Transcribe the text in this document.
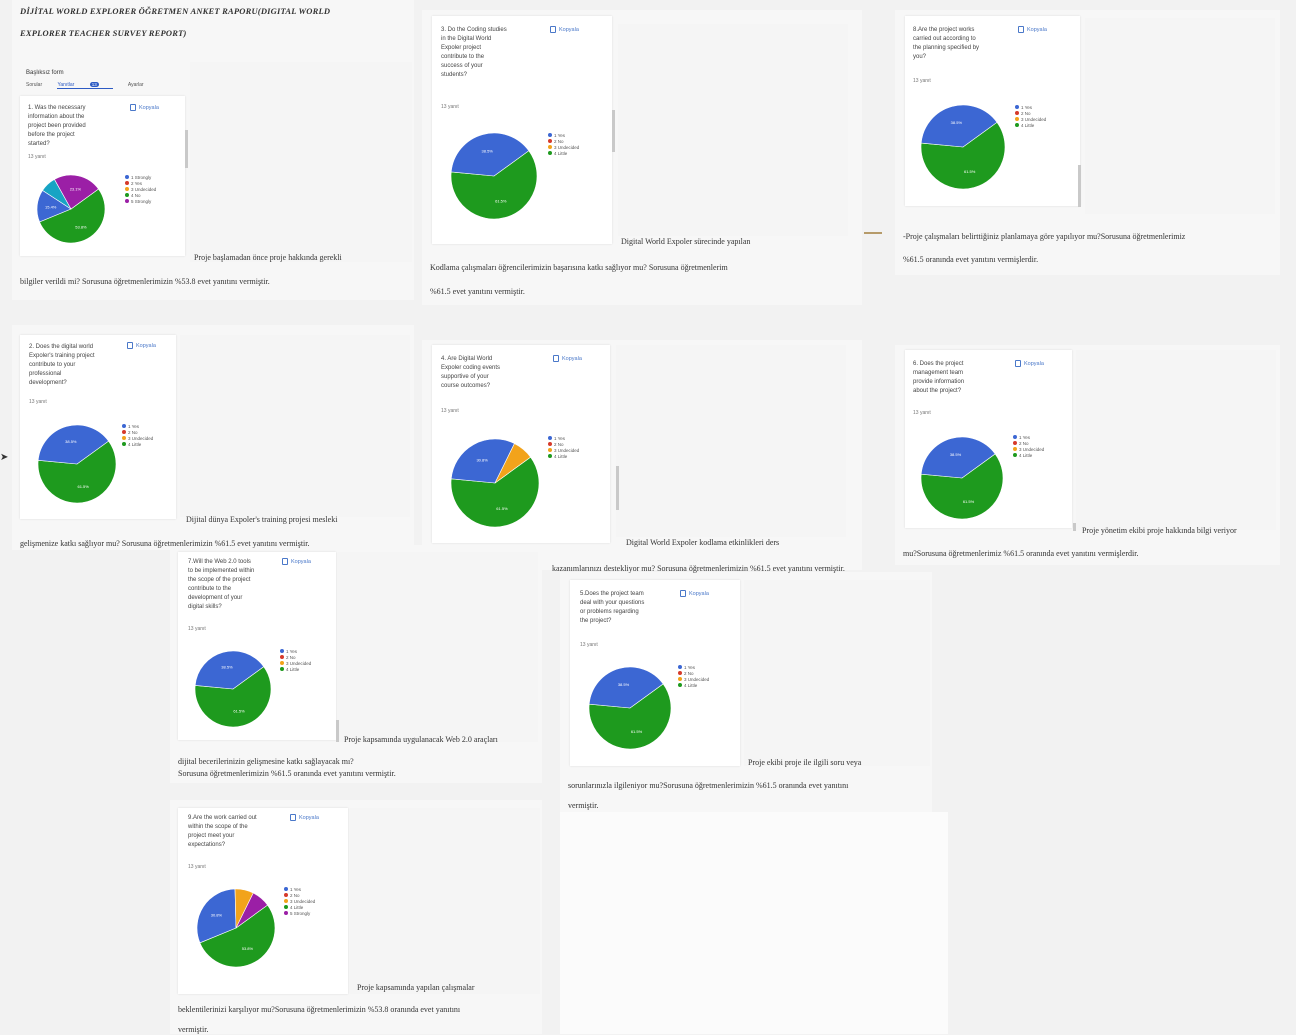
➤
DİJİTAL WORLD EXPLORER ÖĞRETMEN ANKET RAPORU(DIGITAL WORLD
EXPLORER TEACHER SURVEY REPORT)
Başlıksız form
Sorular	Yanıtlar	13	Ayarlar
1. Was the necessary
information about the
project been provided
before the project
started?
Kopyala
13 yanıt
53.8%
15.4%
23.1%
1 Strongly
2 Yes
3 Undecided
4 No
5 Strongly
Proje başlamadan önce proje hakkında gerekli
bilgiler verildi mi? Sorusuna öğretmenlerimizin %53.8 evet yanıtını vermiştir.
3. Do the Coding studies
in the Digital World
Expoler project
contribute to the
success of your
students?
Kopyala
13 yanıt
61.5%
38.5%
1 Yes
2 No
3 Undecided
4 Little
Digital World Expoler sürecinde yapılan
Kodlama çalışmaları öğrencilerimizin başarısına katkı sağlıyor mu? Sorusuna öğretmenlerim
%61.5 evet yanıtını vermiştir.
8.Are the project works
carried out according to
the planning specified by
you?
Kopyala
13 yanıt
61.5%
38.5%
1 Yes
2 No
3 Undecided
4 Little
-Proje çalışmaları belirttiğiniz planlamaya göre yapılıyor mu?Sorusuna öğretmenlerimiz
%61.5 oranında evet yanıtını vermişlerdir.
2. Does the digital world
Expoler's training project
contribute to your
professional
development?
Kopyala
13 yanıt
61.5%
38.5%
1 Yes
2 No
3 Undecided
4 Little
Dijital dünya Expoler's training projesi mesleki
gelişmenize katkı sağlıyor mu? Sorusuna öğretmenlerimizin %61.5 evet yanıtını vermiştir.
4. Are Digital World
Expoler coding events
supportive of your
course outcomes?
Kopyala
13 yanıt
61.5%
30.8%
1 Yes
2 No
3 Undecided
4 Little
Digital World Expoler kodlama etkinlikleri ders
kazanımlarınızı destekliyor mu? Sorusuna öğretmenlerimizin %61.5 evet yanıtını vermiştir.
6. Does the project
management team
provide information
about the project?
Kopyala
13 yanıt
61.5%
38.5%
1 Yes
2 No
3 Undecided
4 Little
Proje yönetim ekibi proje hakkında bilgi veriyor
mu?Sorusuna öğretmenlerimiz %61.5 oranında evet yanıtını vermişlerdir.
7.Will the Web 2.0 tools
to be implemented within
the scope of the project
contribute to the
development of your
digital skills?
Kopyala
13 yanıt
61.5%
38.5%
1 Yes
2 No
3 Undecided
4 Little
Proje kapsamında uygulanacak Web 2.0 araçları
dijital becerilerinizin gelişmesine katkı sağlayacak mı?
Sorusuna öğretmenlerimizin %61.5 oranında evet yanıtını vermiştir.
5.Does the project team
deal with your questions
or problems regarding
the project?
Kopyala
13 yanıt
61.5%
38.5%
1 Yes
2 No
3 Undecided
4 Little
Proje ekibi proje ile ilgili soru veya
sorunlarınızla ilgileniyor mu?Sorusuna öğretmenlerimizin %61.5 oranında evet yanıtını
vermiştir.
9.Are the work carried out
within the scope of the
project meet your
expectations?
Kopyala
13 yanıt
53.8%
30.8%
1 Yes
2 No
3 Undecided
4 Little
5 Strongly
Proje kapsamında yapılan çalışmalar
beklentilerinizi karşılıyor mu?Sorusuna öğretmenlerimizin %53.8 oranında evet yanıtını
vermiştir.
